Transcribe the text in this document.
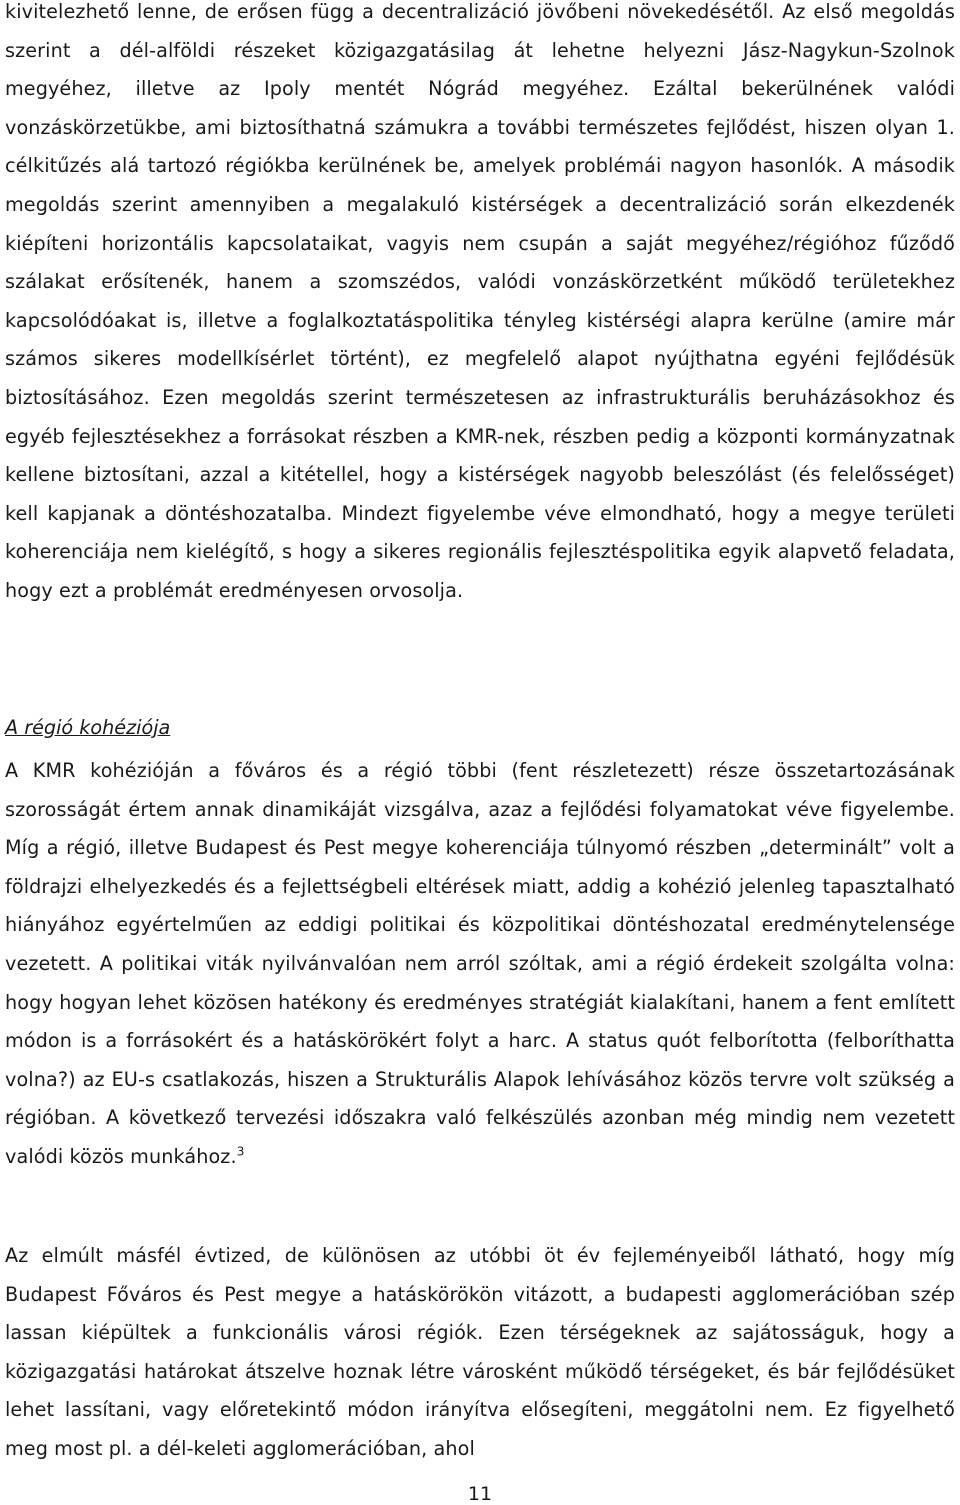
kivitelezhető lenne, de erősen függ a decentralizáció jövőbeni növekedésétől. Az első megoldás szerint a dél-alföldi részeket közigazgatásilag át lehetne helyezni Jász-Nagykun-Szolnok megyéhez, illetve az Ipoly mentét Nógrád megyéhez. Ezáltal bekerülnének valódi vonzáskörzetükbe, ami biztosíthatná számukra a további természetes fejlődést, hiszen olyan 1. célkitűzés alá tartozó régiókba kerülnének be, amelyek problémái nagyon hasonlók. A második megoldás szerint amennyiben a megalakuló kistérségek a decentralizáció során elkezdenék kiépíteni horizontális kapcsolataikat, vagyis nem csupán a saját megyéhez/régióhoz fűződő szálakat erősítenék, hanem a szomszédos, valódi vonzáskörzetként működő területekhez kapcsolódóakat is, illetve a foglalkoztatáspolitika tényleg kistérségi alapra kerülne (amire már számos sikeres modellkísérlet történt), ez megfelelő alapot nyújthatna egyéni fejlődésük biztosításához. Ezen megoldás szerint természetesen az infrastrukturális beruházásokhoz és egyéb fejlesztésekhez a forrásokat részben a KMR-nek, részben pedig a központi kormányzatnak kellene biztosítani, azzal a kitétellel, hogy a kistérségek nagyobb beleszólást (és felelősséget) kell kapjanak a döntéshozatalba. Mindezt figyelembe véve elmondható, hogy a megye területi koherenciája nem kielégítő, s hogy a sikeres regionális fejlesztéspolitika egyik alapvető feladata, hogy ezt a problémát eredményesen orvosolja.

A régió kohéziója

A KMR kohézióján a főváros és a régió többi (fent részletezett) része összetartozásának szorosságát értem annak dinamikáját vizsgálva, azaz a fejlődési folyamatokat véve figyelembe. Míg a régió, illetve Budapest és Pest megye koherenciája túlnyomó részben „determinált” volt a földrajzi elhelyezkedés és a fejlettségbeli eltérések miatt, addig a kohézió jelenleg tapasztalható hiányához egyértelműen az eddigi politikai és közpolitikai döntéshozatal eredménytelensége vezetett. A politikai viták nyilvánvalóan nem arról szóltak, ami a régió érdekeit szolgálta volna: hogy hogyan lehet közösen hatékony és eredményes stratégiát kialakítani, hanem a fent említett módon is a forrásokért és a hatáskörökért folyt a harc. A status quót felborította (felboríthatta volna?) az EU-s csatlakozás, hiszen a Strukturális Alapok lehívásához közös tervre volt szükség a régióban. A következő tervezési időszakra való felkészülés azonban még mindig nem vezetett valódi közös munkához.$^3$

Az elmúlt másfél évtized, de különösen az utóbbi öt év fejleményeiből látható, hogy míg Budapest Főváros és Pest megye a hatáskörökön vitázott, a budapesti agglomerációban szép lassan kiépültek a funkcionális városi régiók. Ezen térségeknek az sajátosságuk, hogy a közigazgatási határokat átszelve hoznak létre városként működő térségeket, és bár fejlődésüket lehet lassítani, vagy előretekintő módon irányítva elősegíteni, meggátolni nem. Ez figyelhető meg most pl. a dél-keleti agglomerációban, ahol

11
